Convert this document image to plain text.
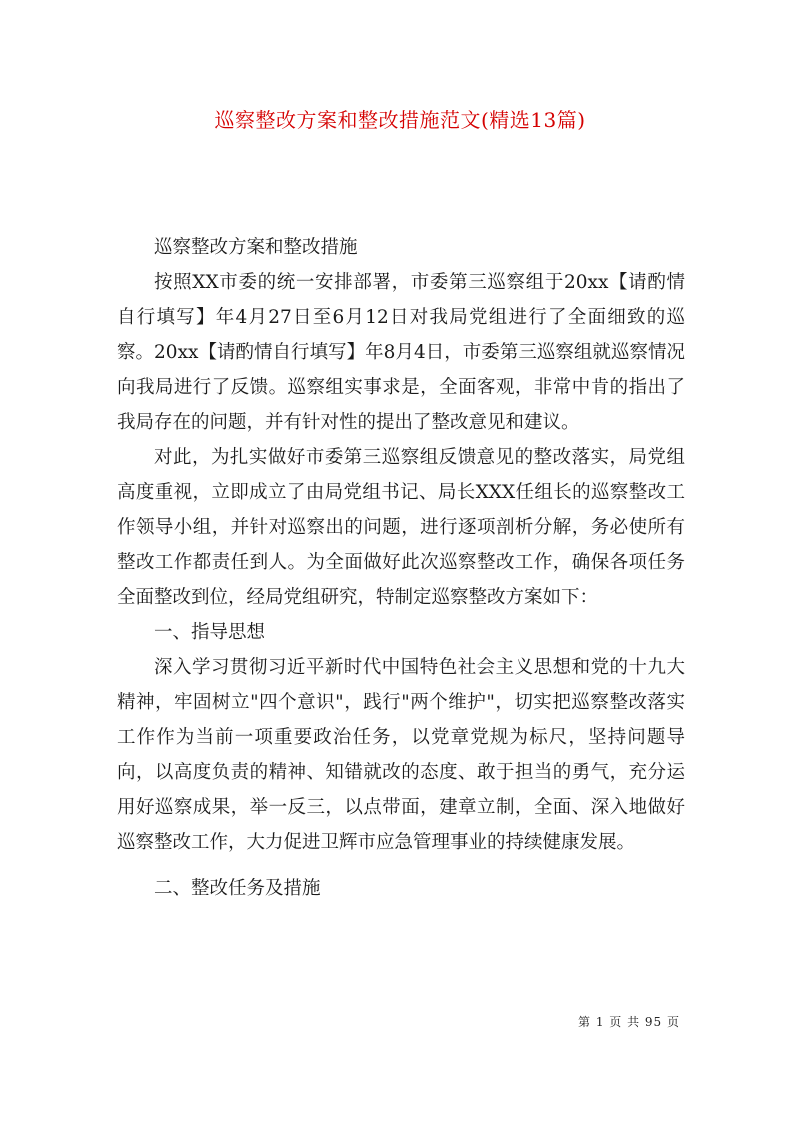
巡察整改方案和整改措施范文(精选13篇)

巡察整改方案和整改措施

按照XX市委的统一安排部署，市委第三巡察组于20xx【请酌情自行填写】年4月27日至6月12日对我局党组进行了全面细致的巡察。20xx【请酌情自行填写】年8月4日，市委第三巡察组就巡察情况向我局进行了反馈。巡察组实事求是，全面客观，非常中肯的指出了我局存在的问题，并有针对性的提出了整改意见和建议。

对此，为扎实做好市委第三巡察组反馈意见的整改落实，局党组高度重视，立即成立了由局党组书记、局长XXX任组长的巡察整改工作领导小组，并针对巡察出的问题，进行逐项剖析分解，务必使所有整改工作都责任到人。为全面做好此次巡察整改工作，确保各项任务全面整改到位，经局党组研究，特制定巡察整改方案如下：

一、指导思想

深入学习贯彻习近平新时代中国特色社会主义思想和党的十九大精神，牢固树立"四个意识"，践行"两个维护"，切实把巡察整改落实工作作为当前一项重要政治任务，以党章党规为标尺，坚持问题导向，以高度负责的精神、知错就改的态度、敢于担当的勇气，充分运用好巡察成果，举一反三，以点带面，建章立制，全面、深入地做好巡察整改工作，大力促进卫辉市应急管理事业的持续健康发展。

二、整改任务及措施

第 1 页 共 95 页
